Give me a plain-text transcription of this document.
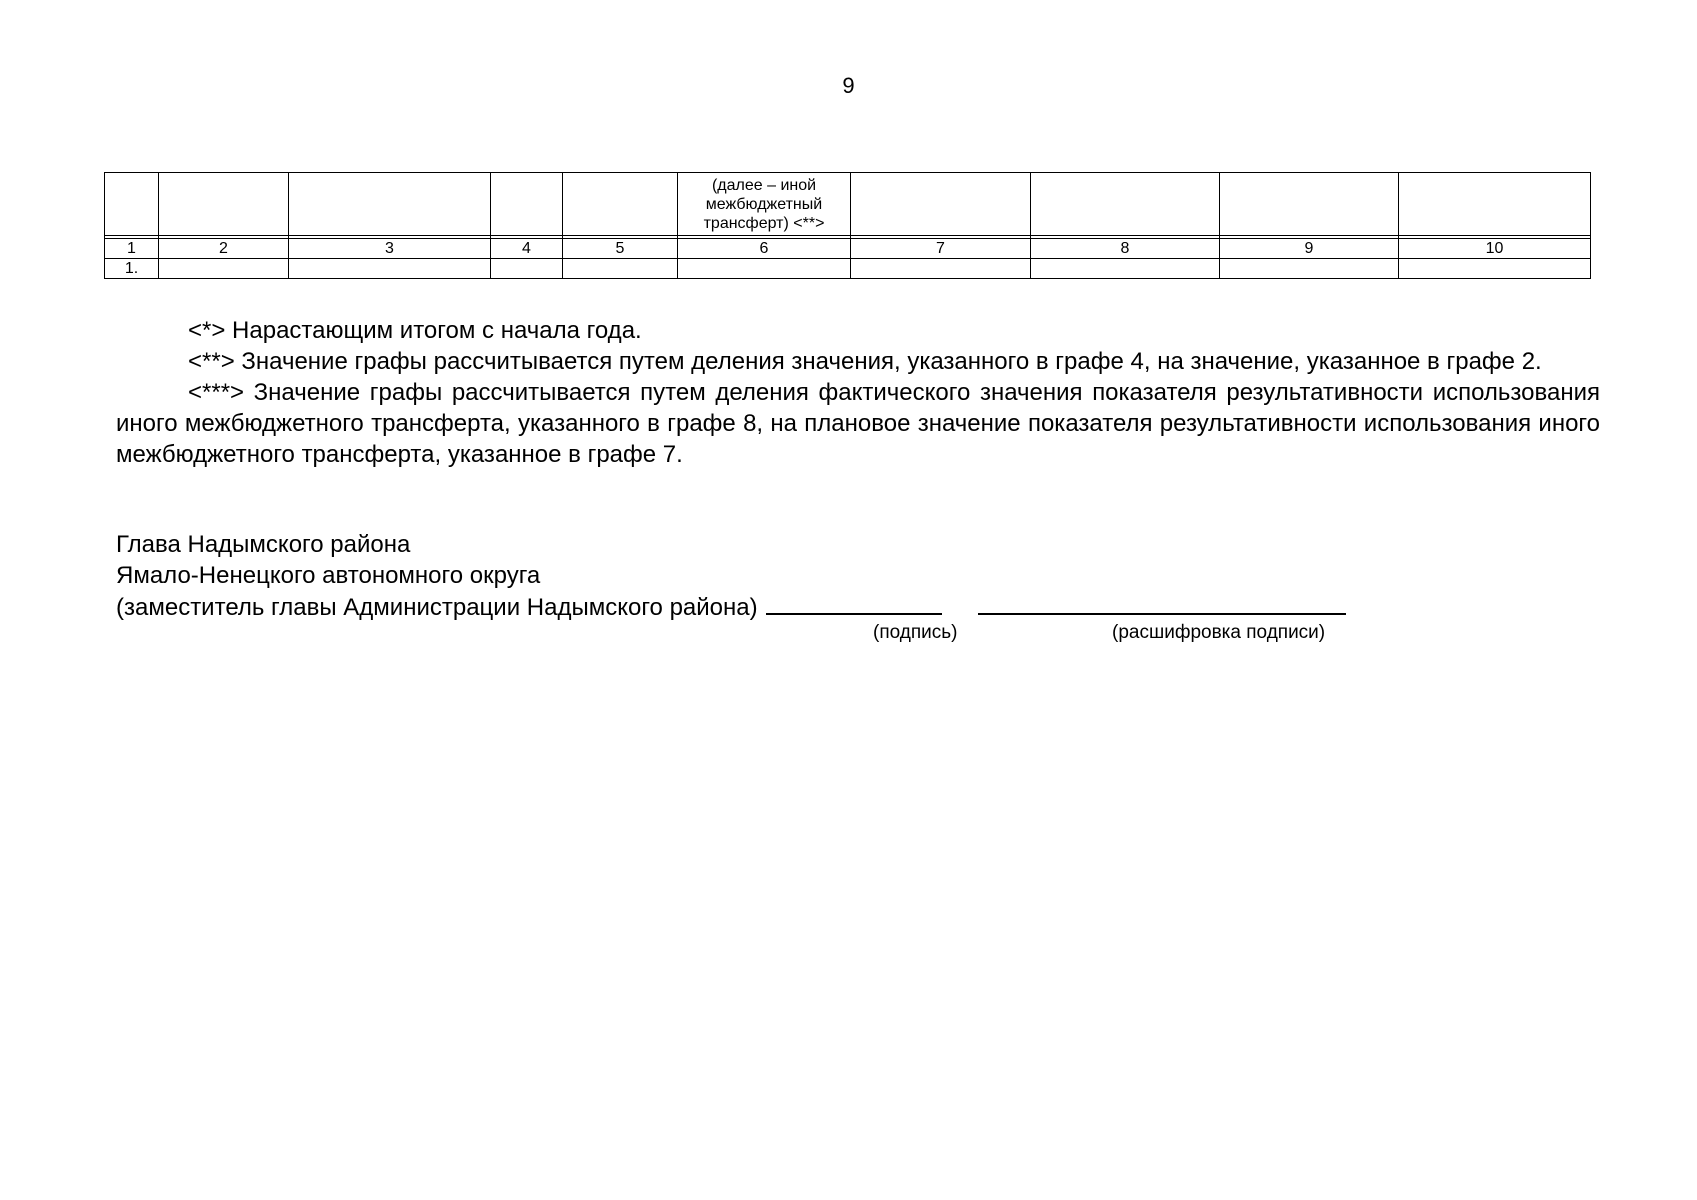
9
					(далее – иной межбюджетный трансферт) <**>				

1	2	3	4	5	6	7	8	9	10
1.									

<*> Нарастающим итогом с начала года.

<**> Значение графы рассчитывается путем деления значения, указанного в графе 4, на значение, указанное в графе 2.

<***> Значение графы рассчитывается путем деления фактического значения показателя результативности использования иного межбюджетного трансферта, указанного в графе 8, на плановое значение показателя результативности использования иного межбюджетного трансферта, указанное в графе 7.

Глава Надымского района
Ямало-Ненецкого автономного округа
(заместитель главы Администрации Надымского района)
(подпись)	(расшифровка подписи)
